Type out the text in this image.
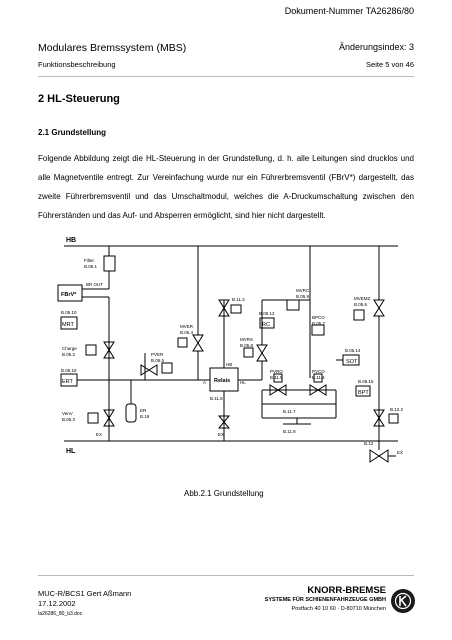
Dokument-Nummer TA26286/80
Modulares Bremssystem (MBS)	Änderungsindex: 3
Funktionsbeschreibung	Seite 5 von 46
2 HL-Steuerung
2.1 Grundstellung
Folgende Abbildung zeigt die HL-Steuerung in der Grundstellung, d. h. alle Leitungen sind drucklos und alle Magnetventile entregt. Zur Vereinfachung wurde nur ein Führerbremsventil (FBrV*) dargestellt, das zweite Führerbremsventil und das Umschaltmodul, welches die A-Druckumschaltung zwischen den Führerständen und das Auf- und Absperren ermöglicht, sind hier nicht dargestellt.
HB
HL
Filter
B.05.1
FBrV*
BR OUT
B.05.10
MRT
Charge
B.05.2
B.05.18
ERT
VenV
B.05.3
EX
ER
B.19
MVER
B.05.4
PVER
B.05.5
B.11.3
MVRC
B.05.9
B.05.12
RC
MVRS
B.05.8
BPCO
B.05.7
A
HB
HL
Relais
B.11.6
PVRO
B.11.5
PVCO
B.11.4
MVEMZ
B.05.6
B.05.14
SOT
B.05.15
BPT
B.11.7
B.11.8
B.12.2
B.12
EX
EX
Abb.2.1 Grundstellung
MUC-R/BCS1 Gert Aßmann
17.12.2002
ta26286_80_b3.doc
KNORR-BREMSE
SYSTEME FÜR SCHIENENFAHRZEUGE GMBH
Postfach 40 10 60 · D-80710 München
